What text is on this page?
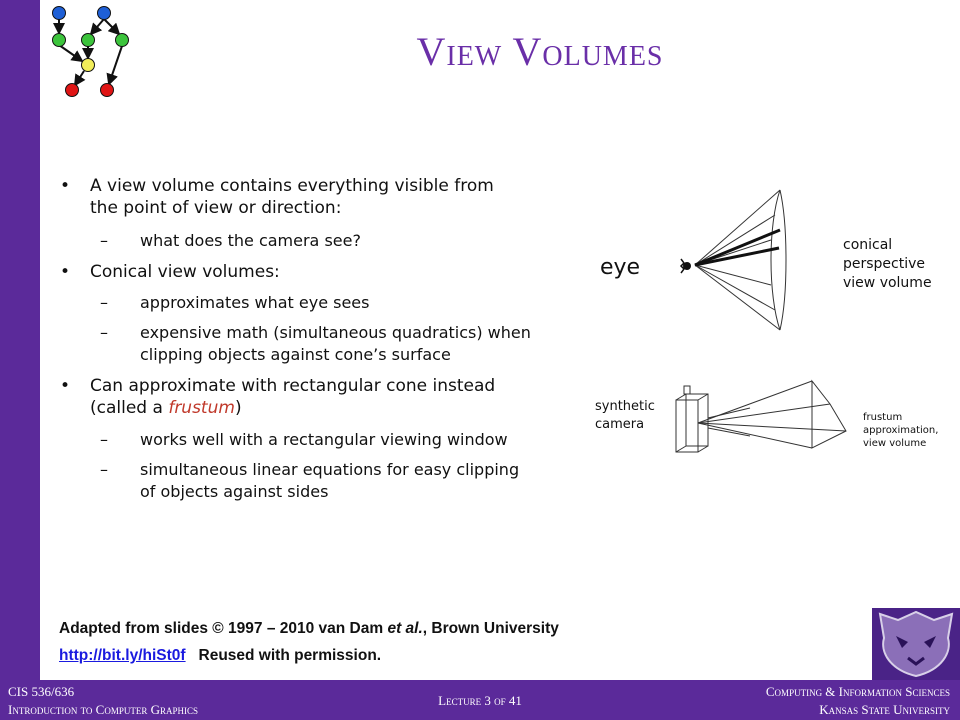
View Volumes
• A view volume contains everything visible from
the point of view or direction:
–	what does the camera see?
• Conical view volumes:
–	approximates what eye sees
–	expensive math (simultaneous quadratics) when
clipping objects against cone’s surface
• Can approximate with rectangular cone instead
(called a frustum)
–	works well with a rectangular viewing window
–	simultaneous linear equations for easy clipping
of objects against sides
eye
conical perspective view volume
synthetic camera	frustum approximation, view volume
Adapted from slides © 1997 – 2010 van Dam et al., Brown University
http://bit.ly/hiSt0f Reused with permission.
CIS 536/636
Introduction to Computer Graphics
Lecture 3 of 41
Computing & Information Sciences
Kansas State University
